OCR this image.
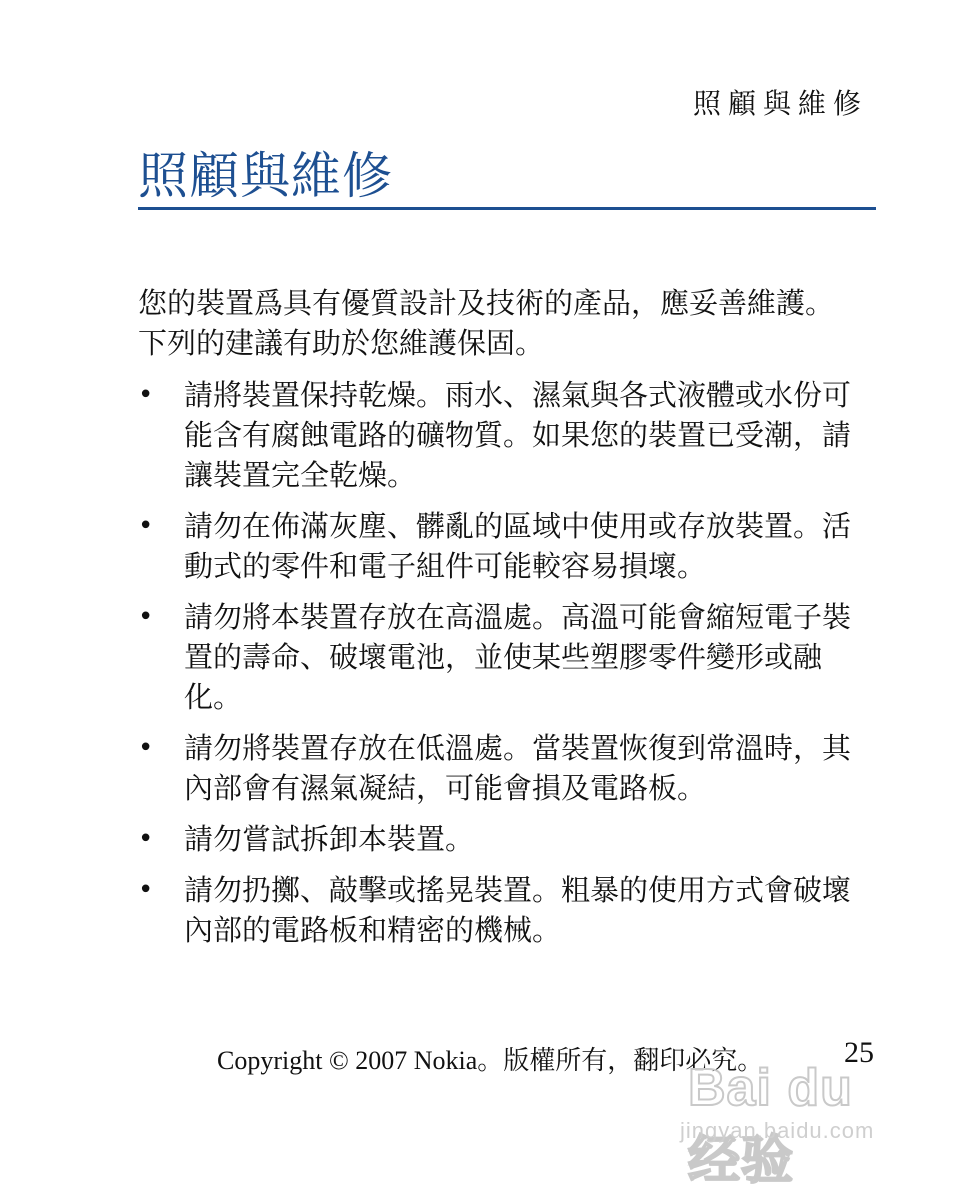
照顧與維修
照顧與維修

您的裝置爲具有優質設計及技術的產品，應妥善維護。下列的建議有助於您維護保固。

• 請將裝置保持乾燥。雨水、濕氣與各式液體或水份可能含有腐蝕電路的礦物質。如果您的裝置已受潮，請讓裝置完全乾燥。
• 請勿在佈滿灰塵、髒亂的區域中使用或存放裝置。活動式的零件和電子組件可能較容易損壞。
• 請勿將本裝置存放在高溫處。高溫可能會縮短電子裝置的壽命、破壞電池，並使某些塑膠零件變形或融化。
• 請勿將裝置存放在低溫處。當裝置恢復到常溫時，其內部會有濕氣凝結，可能會損及電路板。
• 請勿嘗試拆卸本裝置。
• 請勿扔擲、敲擊或搖晃裝置。粗暴的使用方式會破壞內部的電路板和精密的機械。
Copyright © 2007 Nokia。版權所有，翻印必究。	25
Bai du 经验
jingyan.baidu.com
